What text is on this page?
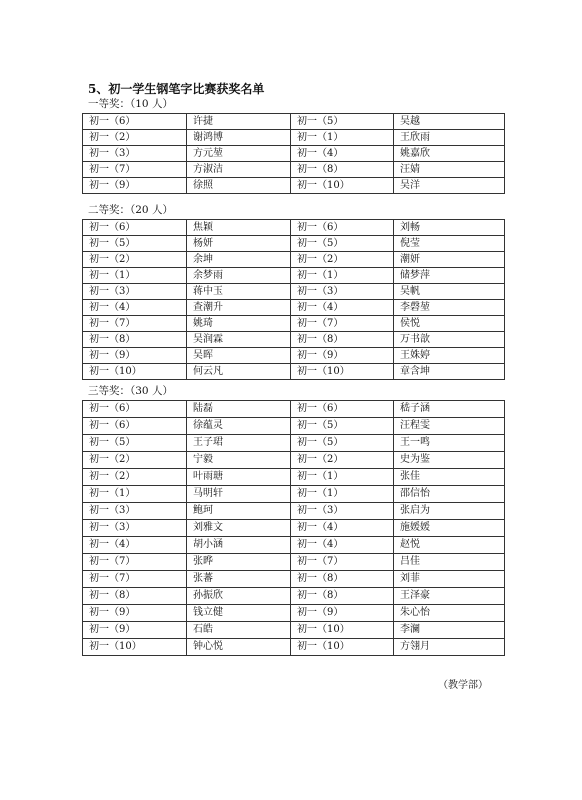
5、初一学生钢笔字比赛获奖名单
一等奖：（10 人）
初一（6）	许捷	初一（5）	吴越
初一（2）	谢鸿博	初一（1）	王欣雨
初一（3）	方元堃	初一（4）	姚嘉欣
初一（7）	方淑洁	初一（8）	汪婧
初一（9）	徐照	初一（10）	吴洋
二等奖：（20 人）
初一（6）	焦颖	初一（6）	刘畅
初一（5）	杨妍	初一（5）	倪莹
初一（2）	余坤	初一（2）	潮妍
初一（1）	余梦雨	初一（1）	储梦萍
初一（3）	蒋中玉	初一（3）	吴帆
初一（4）	查潮升	初一（4）	李磬堃
初一（7）	姚琦	初一（7）	侯悦
初一（8）	吴润霖	初一（8）	万书歆
初一（9）	吴晖	初一（9）	王姝婷
初一（10）	何云凡	初一（10）	章含坤
三等奖：（30 人）
初一（6）	陆磊	初一（6）	嵇子涵
初一（6）	徐蕴灵	初一（5）	汪程雯
初一（5）	王子珺	初一（5）	王一鸣
初一（2）	宁毅	初一（2）	史为鉴
初一（2）	叶雨瑭	初一（1）	张佳
初一（1）	马明轩	初一（1）	邵信怡
初一（3）	鲍珂	初一（3）	张启为
初一（3）	刘雅文	初一（4）	施媛媛
初一（4）	胡小涵	初一（4）	赵悦
初一（7）	张晔	初一（7）	吕佳
初一（7）	张蕃	初一（8）	刘菲
初一（8）	孙振欣	初一（8）	王泽豪
初一（9）	钱立健	初一（9）	朱心怡
初一（9）	石皓	初一（10）	李澜
初一（10）	钟心悦	初一（10）	方翎月
（教学部）
